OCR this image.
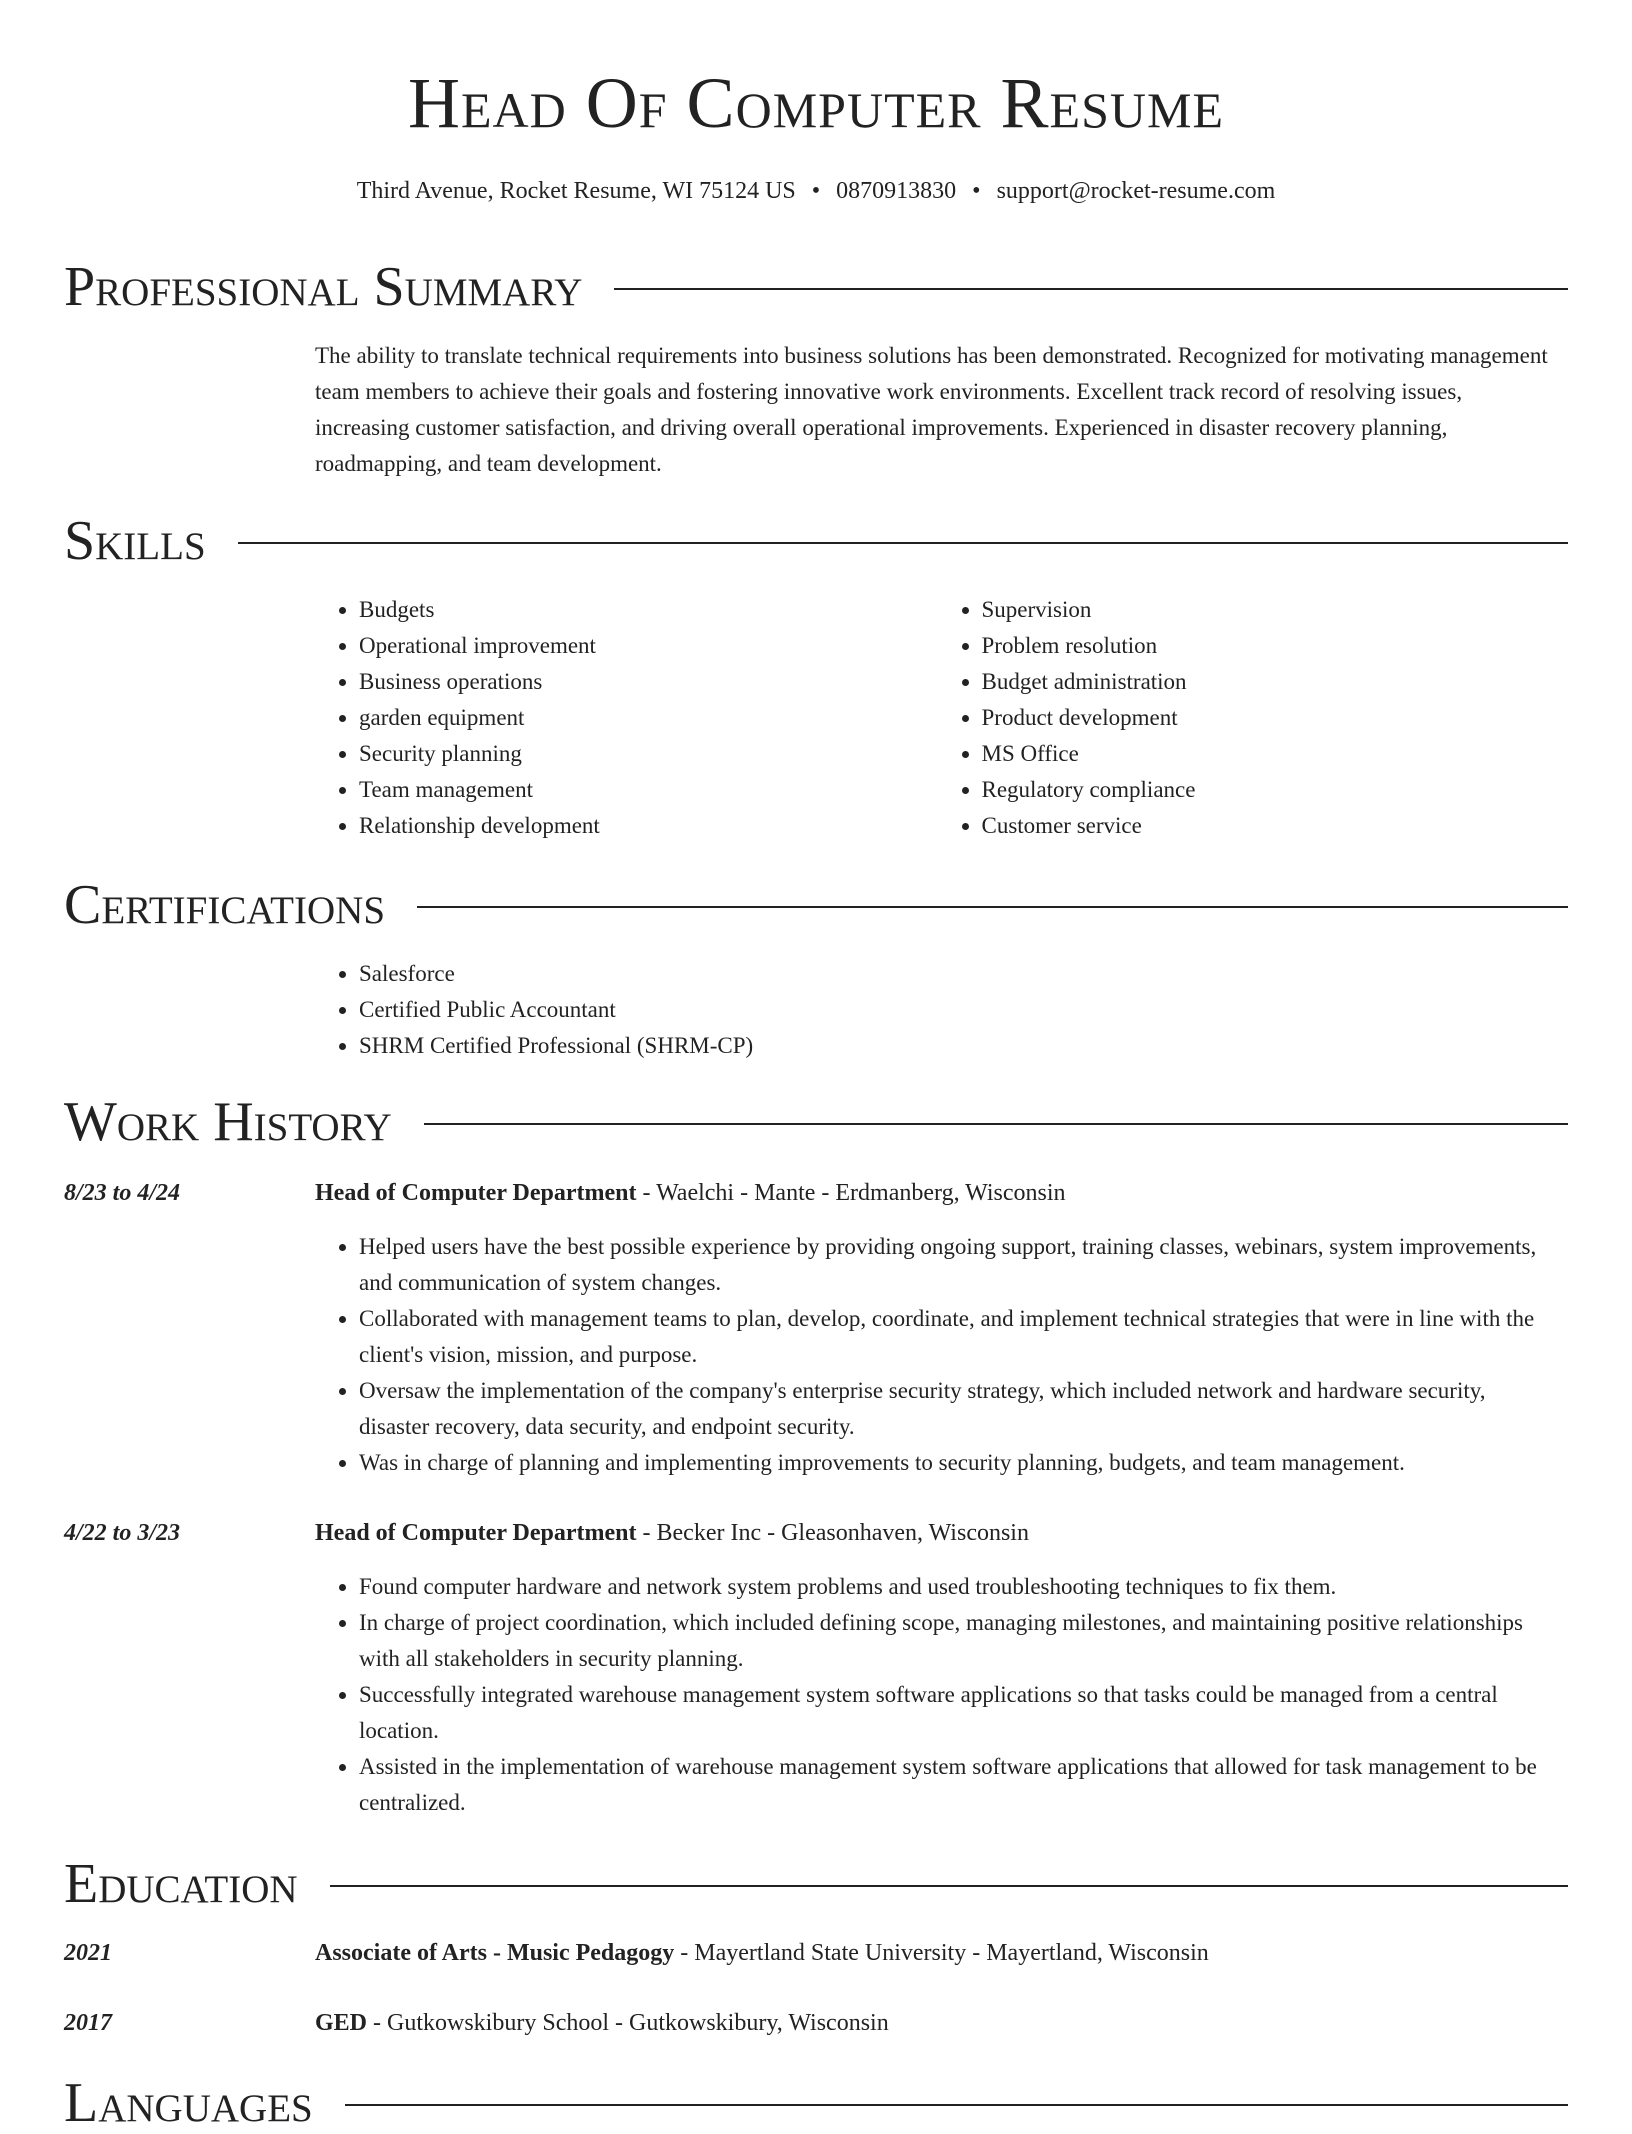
Head Of Computer Resume
Third Avenue, Rocket Resume, WI 75124 US • 0870913830 • support@rocket-resume.com
Professional Summary
The ability to translate technical requirements into business solutions has been demonstrated. Recognized for motivating management team members to achieve their goals and fostering innovative work environments. Excellent track record of resolving issues, increasing customer satisfaction, and driving overall operational improvements. Experienced in disaster recovery planning, roadmapping, and team development.
Skills
• Budgets
• Operational improvement
• Business operations
• garden equipment
• Security planning
• Team management
• Relationship development
• Supervision
• Problem resolution
• Budget administration
• Product development
• MS Office
• Regulatory compliance
• Customer service
Certifications
• Salesforce
• Certified Public Accountant
• SHRM Certified Professional (SHRM-CP)
Work History
8/23 to 4/24	Head of Computer Department - Waelchi - Mante - Erdmanberg, Wisconsin
• Helped users have the best possible experience by providing ongoing support, training classes, webinars, system improvements, and communication of system changes.
• Collaborated with management teams to plan, develop, coordinate, and implement technical strategies that were in line with the client's vision, mission, and purpose.
• Oversaw the implementation of the company's enterprise security strategy, which included network and hardware security, disaster recovery, data security, and endpoint security.
• Was in charge of planning and implementing improvements to security planning, budgets, and team management.
4/22 to 3/23	Head of Computer Department - Becker Inc - Gleasonhaven, Wisconsin
• Found computer hardware and network system problems and used troubleshooting techniques to fix them.
• In charge of project coordination, which included defining scope, managing milestones, and maintaining positive relationships with all stakeholders in security planning.
• Successfully integrated warehouse management system software applications so that tasks could be managed from a central location.
• Assisted in the implementation of warehouse management system software applications that allowed for task management to be centralized.
Education
2021	Associate of Arts - Music Pedagogy - Mayertland State University - Mayertland, Wisconsin
2017	GED - Gutkowskibury School - Gutkowskibury, Wisconsin
Languages
